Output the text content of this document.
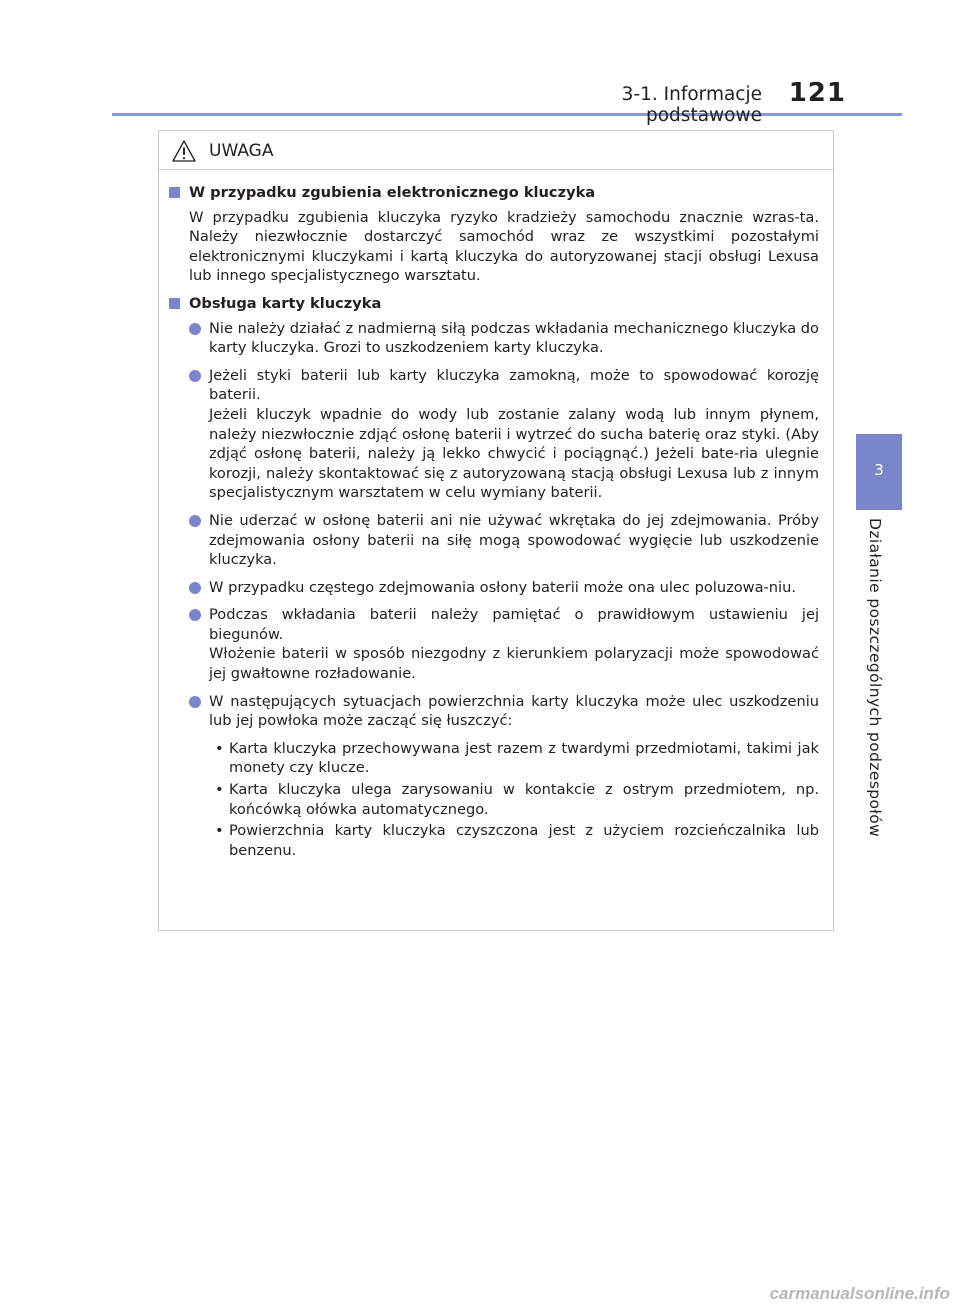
3-1. Informacje podstawowe
121
3
Działanie poszczególnych podzespołów
UWAGA
W przypadku zgubienia elektronicznego kluczyka
W przypadku zgubienia kluczyka ryzyko kradzieży samochodu znacznie wzras-ta. Należy niezwłocznie dostarczyć samochód wraz ze wszystkimi pozostałymi elektronicznymi kluczykami i kartą kluczyka do autoryzowanej stacji obsługi Lexusa lub innego specjalistycznego warsztatu.
Obsługa karty kluczyka
Nie należy działać z nadmierną siłą podczas wkładania mechanicznego kluczyka do karty kluczyka. Grozi to uszkodzeniem karty kluczyka.
Jeżeli styki baterii lub karty kluczyka zamokną, może to spowodować korozję baterii.
Jeżeli kluczyk wpadnie do wody lub zostanie zalany wodą lub innym płynem, należy niezwłocznie zdjąć osłonę baterii i wytrzeć do sucha baterię oraz styki. (Aby zdjąć osłonę baterii, należy ją lekko chwycić i pociągnąć.) Jeżeli bate-ria ulegnie korozji, należy skontaktować się z autoryzowaną stacją obsługi Lexusa lub z innym specjalistycznym warsztatem w celu wymiany baterii.
Nie uderzać w osłonę baterii ani nie używać wkrętaka do jej zdejmowania. Próby zdejmowania osłony baterii na siłę mogą spowodować wygięcie lub uszkodzenie kluczyka.
W przypadku częstego zdejmowania osłony baterii może ona ulec poluzowa-niu.
Podczas wkładania baterii należy pamiętać o prawidłowym ustawieniu jej biegunów.
Włożenie baterii w sposób niezgodny z kierunkiem polaryzacji może spowodować jej gwałtowne rozładowanie.
W następujących sytuacjach powierzchnia karty kluczyka może ulec uszkodzeniu lub jej powłoka może zacząć się łuszczyć:
• Karta kluczyka przechowywana jest razem z twardymi przedmiotami, takimi jak monety czy klucze.
• Karta kluczyka ulega zarysowaniu w kontakcie z ostrym przedmiotem, np. końcówką ołówka automatycznego.
• Powierzchnia karty kluczyka czyszczona jest z użyciem rozcieńczalnika lub benzenu.
carmanualsonline.info
